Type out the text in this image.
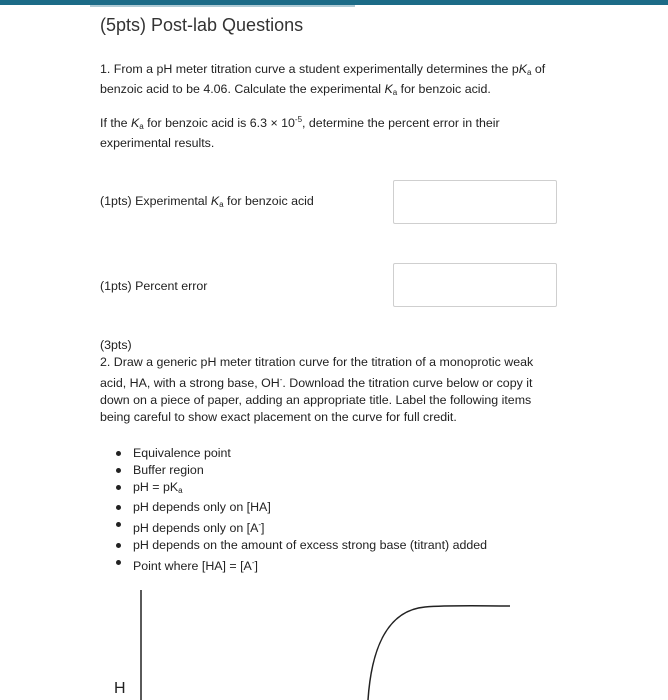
(5pts) Post-lab Questions
1. From a pH meter titration curve a student experimentally determines the $pK_a$ of benzoic acid to be 4.06. Calculate the experimental $K_a$ for benzoic acid.
If the $K_a$ for benzoic acid is $6.3 \times 10^{-5}$, determine the percent error in their experimental results.
(1pts) Experimental $K_a$ for benzoic acid
(1pts) Percent error
(3pts)
2. Draw a generic pH meter titration curve for the titration of a monoprotic weak acid, HA, with a strong base, OH-. Download the titration curve below or copy it down on a piece of paper, adding an appropriate title. Label the following items being careful to show exact placement on the curve for full credit.
Equivalence point
Buffer region
pH = $pK_a$
pH depends only on [HA]
pH depends only on [A-]
pH depends on the amount of excess strong base (titrant) added
Point where [HA] = [A-]
H
